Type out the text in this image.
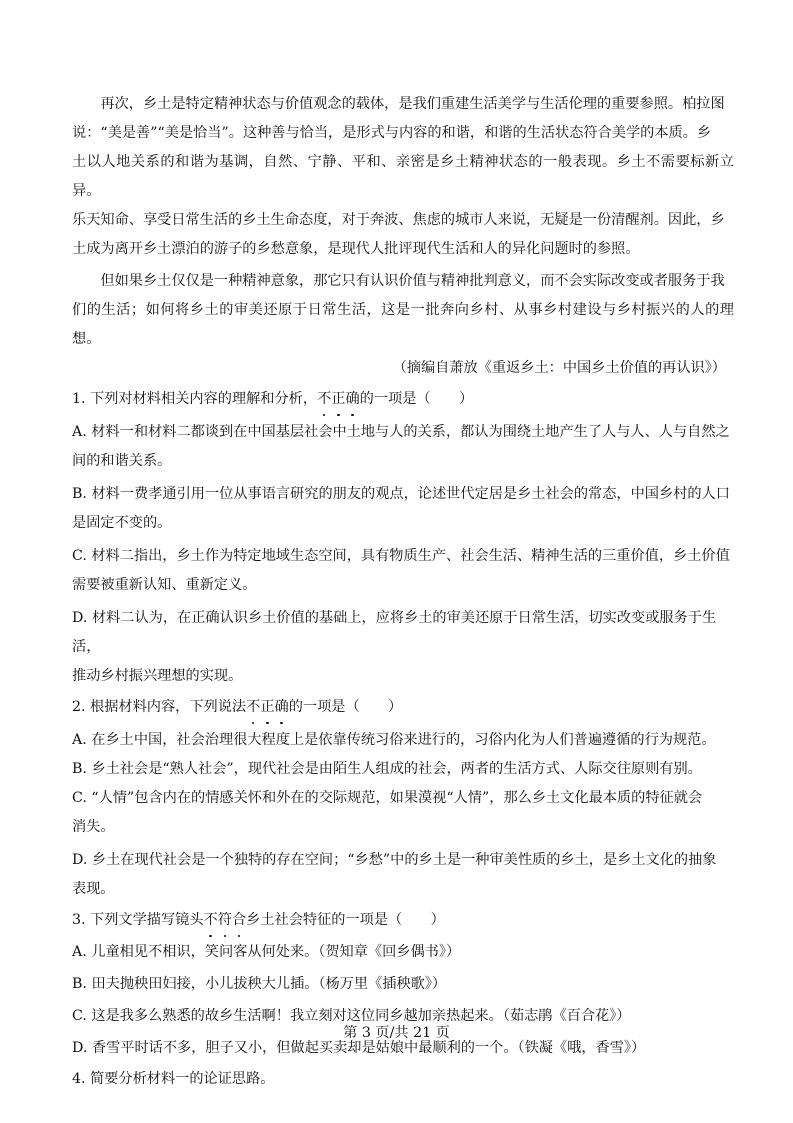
再次，乡土是特定精神状态与价值观念的载体，是我们重建生活美学与生活伦理的重要参照。柏拉图
说：“美是善”“美是恰当”。这种善与恰当，是形式与内容的和谐，和谐的生活状态符合美学的本质。乡
土以人地关系的和谐为基调，自然、宁静、平和、亲密是乡土精神状态的一般表现。乡土不需要标新立异。
乐天知命、享受日常生活的乡土生命态度，对于奔波、焦虑的城市人来说，无疑是一份清醒剂。因此，乡
土成为离开乡土漂泊的游子的乡愁意象，是现代人批评现代生活和人的异化问题时的参照。
但如果乡土仅仅是一种精神意象，那它只有认识价值与精神批判意义，而不会实际改变或者服务于我
们的生活；如何将乡土的审美还原于日常生活，这是一批奔向乡村、从事乡村建设与乡村振兴的人的理想。

（摘编自萧放《重返乡土：中国乡土价值的再认识》）

1. 下列对材料相关内容的理解和分析，不正确的一项是（　　）
A. 材料一和材料二都谈到在中国基层社会中土地与人的关系，都认为围绕土地产生了人与人、人与自然之
间的和谐关系。
B. 材料一费孝通引用一位从事语言研究的朋友的观点，论述世代定居是乡土社会的常态，中国乡村的人口
是固定不变的。
C. 材料二指出，乡土作为特定地域生态空间，具有物质生产、社会生活、精神生活的三重价值，乡土价值
需要被重新认知、重新定义。
D. 材料二认为，在正确认识乡土价值的基础上，应将乡土的审美还原于日常生活，切实改变或服务于生活，
推动乡村振兴理想的实现。
2. 根据材料内容，下列说法不正确的一项是（　　）
A. 在乡土中国，社会治理很大程度上是依靠传统习俗来进行的，习俗内化为人们普遍遵循的行为规范。
B. 乡土社会是“熟人社会”，现代社会是由陌生人组成的社会，两者的生活方式、人际交往原则有别。
C. “人情”包含内在的情感关怀和外在的交际规范，如果漠视“人情”，那么乡土文化最本质的特征就会
消失。
D. 乡土在现代社会是一个独特的存在空间；“乡愁”中的乡土是一种审美性质的乡土，是乡土文化的抽象
表现。
3. 下列文学描写镜头不符合乡土社会特征的一项是（　　）
A. 儿童相见不相识，笑问客从何处来。（贺知章《回乡偶书》）
B. 田夫抛秧田妇接，小儿拔秧大儿插。（杨万里《插秧歌》）
C. 这是我多么熟悉的故乡生活啊！我立刻对这位同乡越加亲热起来。（茹志鹃《百合花》）
D. 香雪平时话不多，胆子又小，但做起买卖却是姑娘中最顺利的一个。（铁凝《哦，香雪》）
4. 简要分析材料一的论证思路。
第 3 页/共 21 页
